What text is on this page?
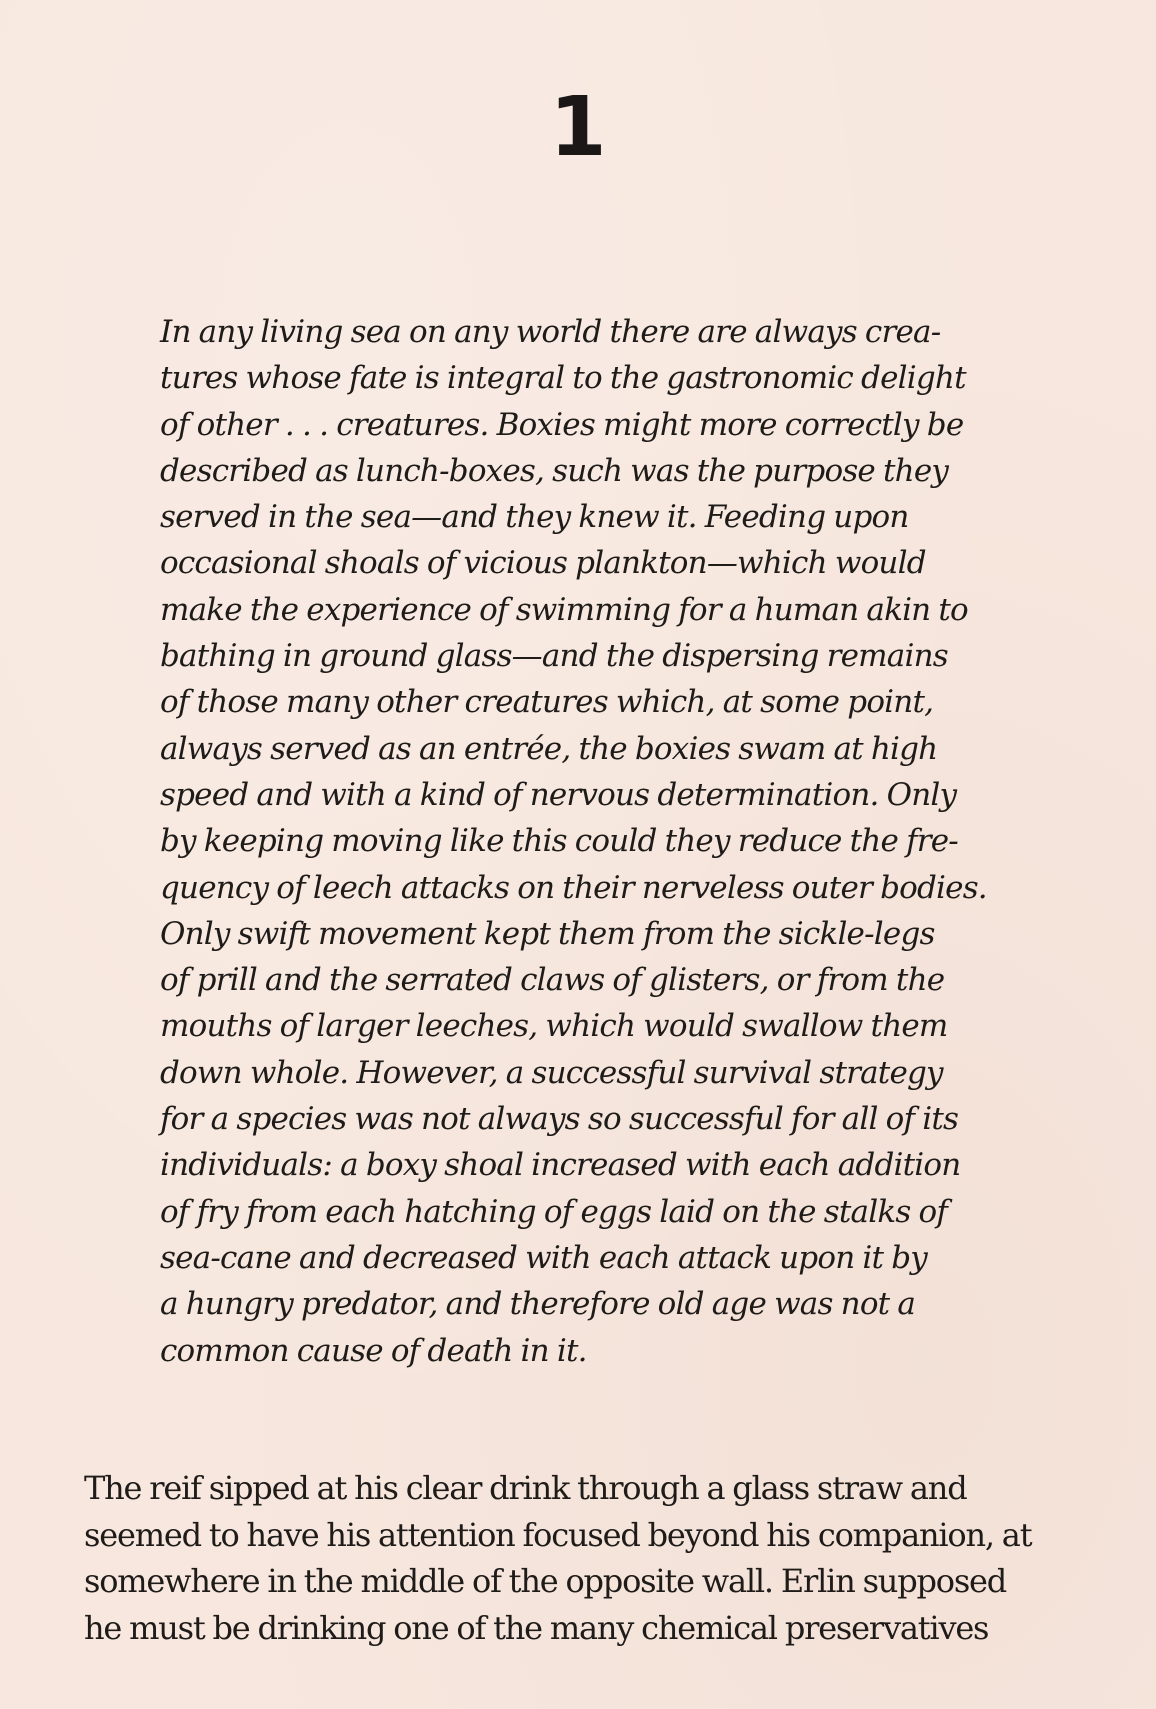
1
In any living sea on any world there are always crea-
tures whose fate is integral to the gastronomic delight
of other . . . creatures. Boxies might more correctly be
described as lunch-boxes, such was the purpose they
served in the sea—and they knew it. Feeding upon
occasional shoals of vicious plankton—which would
make the experience of swimming for a human akin to
bathing in ground glass—and the dispersing remains
of those many other creatures which, at some point,
always served as an entrée, the boxies swam at high
speed and with a kind of nervous determination. Only
by keeping moving like this could they reduce the fre-
quency of leech attacks on their nerveless outer bodies.
Only swift movement kept them from the sickle-legs
of prill and the serrated claws of glisters, or from the
mouths of larger leeches, which would swallow them
down whole. However, a successful survival strategy
for a species was not always so successful for all of its
individuals: a boxy shoal increased with each addition
of fry from each hatching of eggs laid on the stalks of
sea-cane and decreased with each attack upon it by
a hungry predator, and therefore old age was not a
common cause of death in it.
The reif sipped at his clear drink through a glass straw and
seemed to have his attention focused beyond his companion, at
somewhere in the middle of the opposite wall. Erlin supposed
he must be drinking one of the many chemical preservatives
